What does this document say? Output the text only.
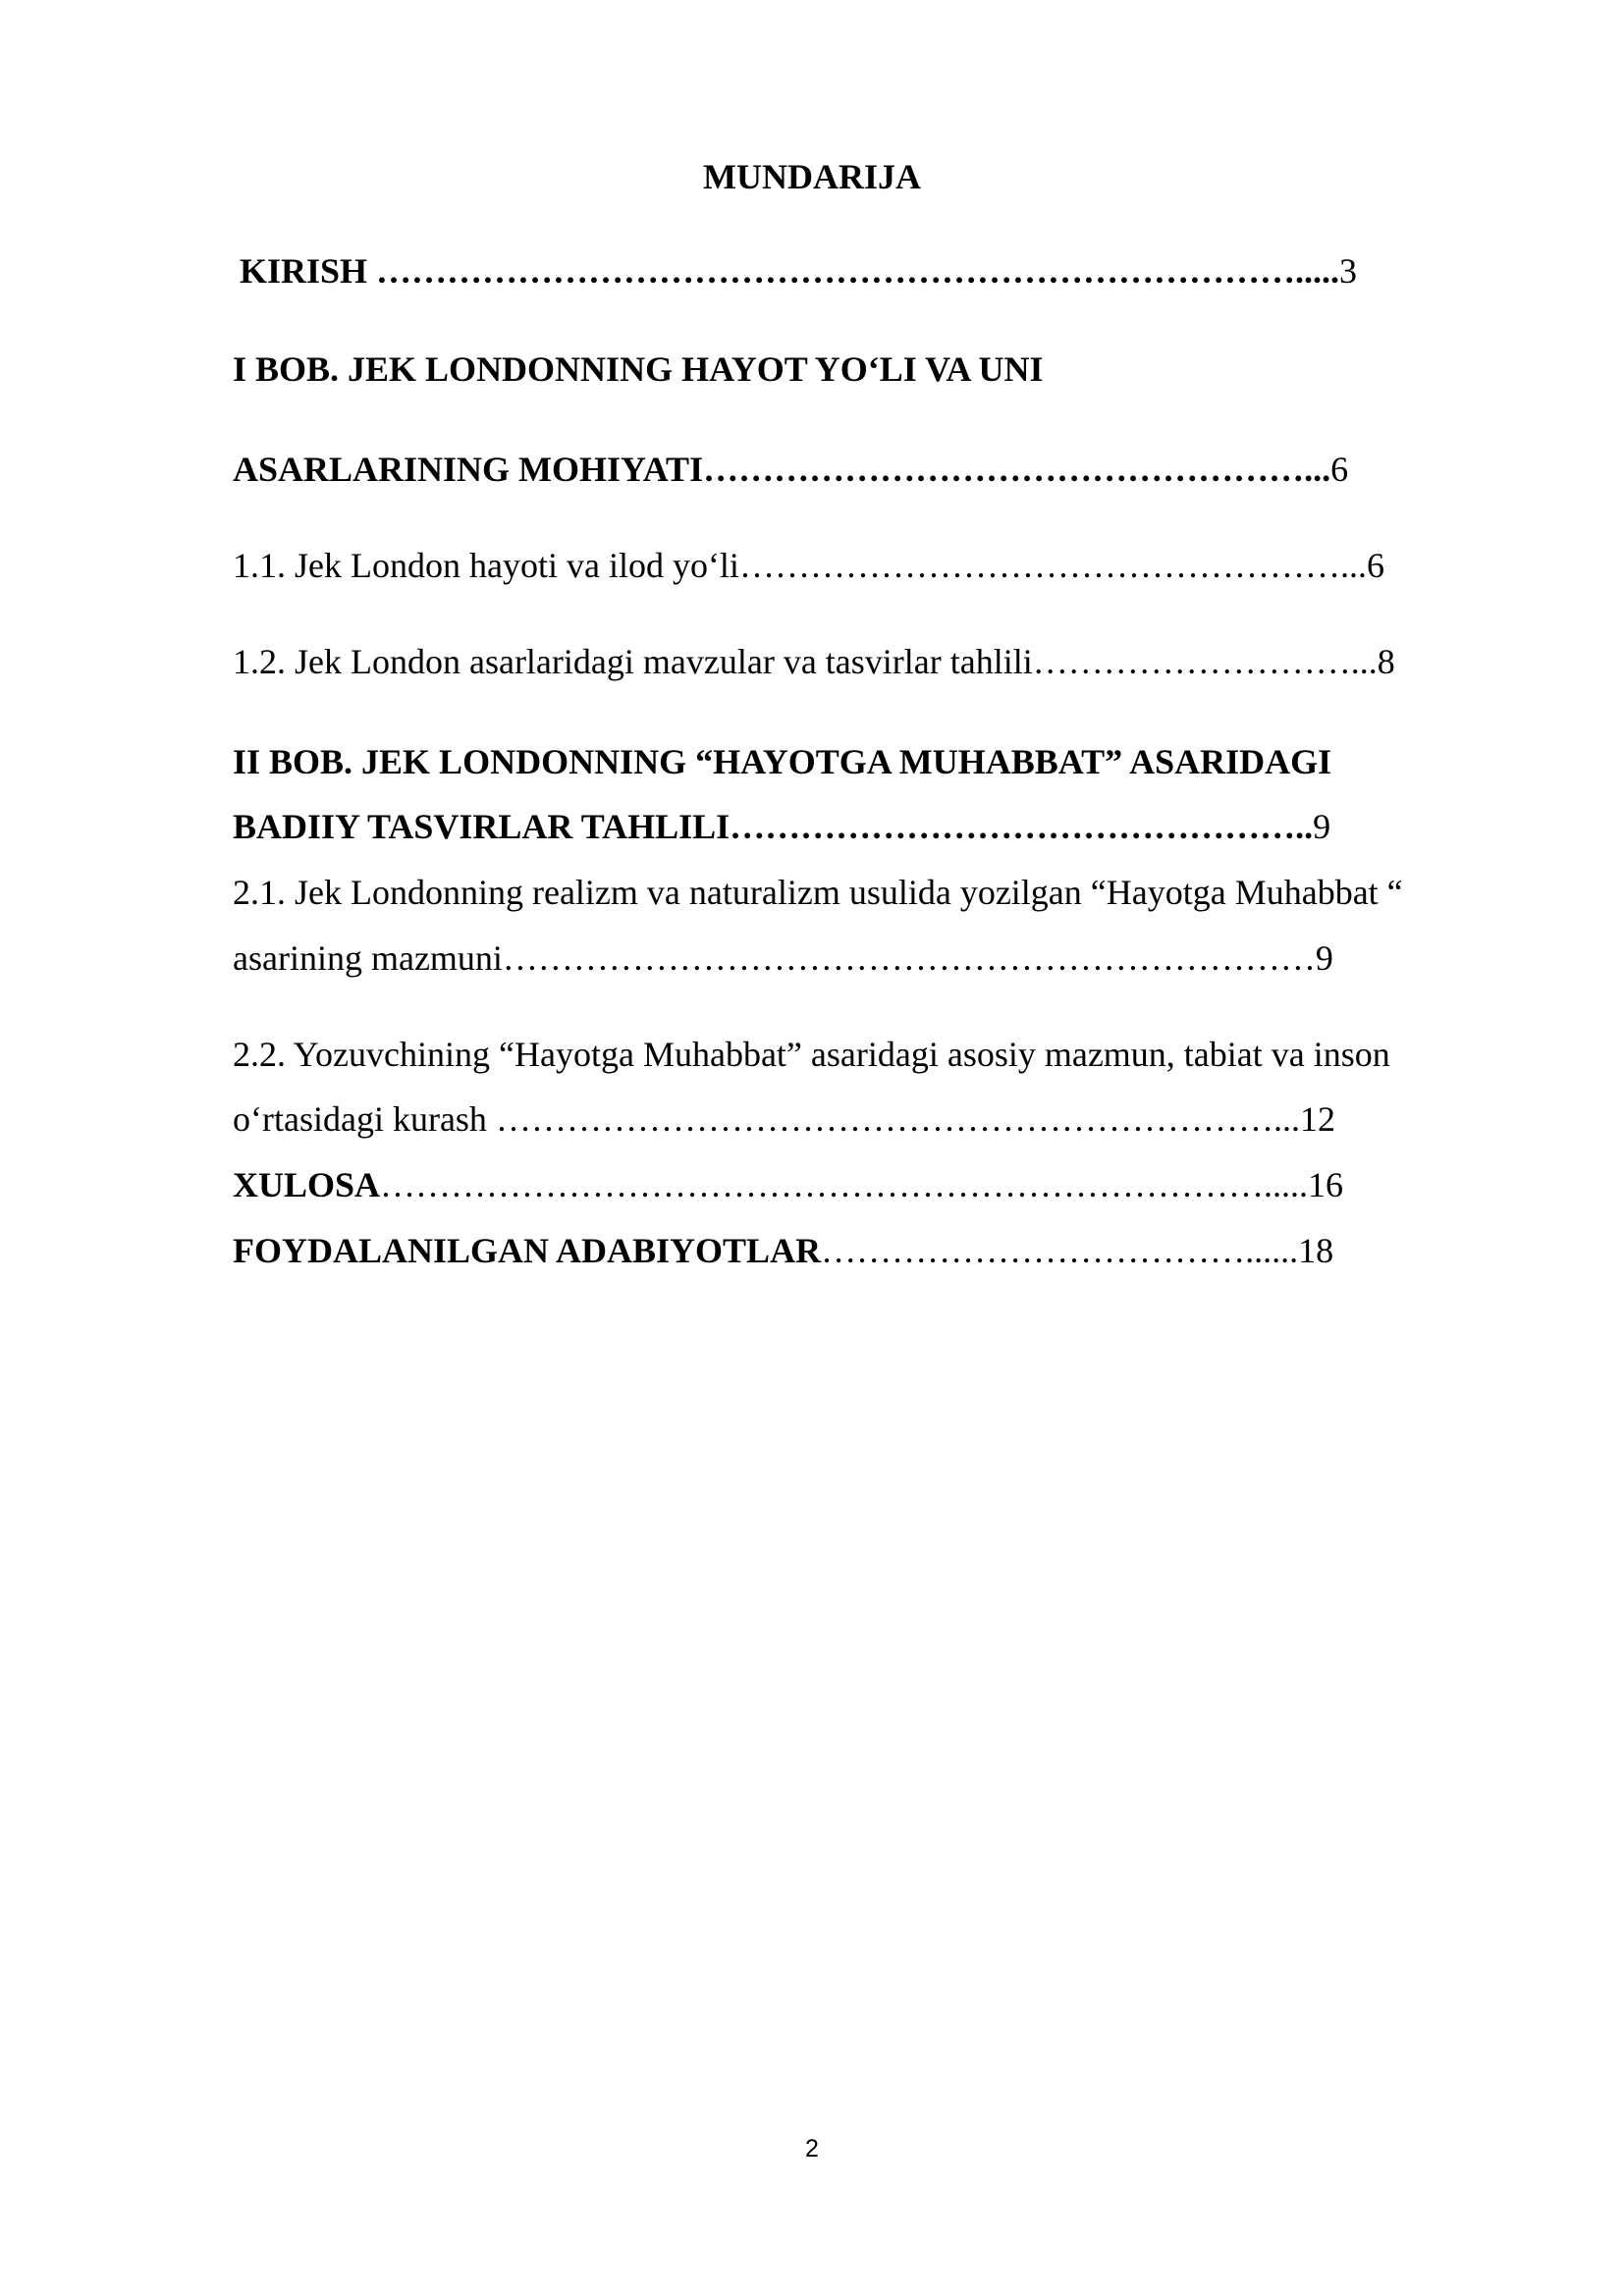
MUNDARIJA
KIRISH …………………………………………………………………….....3
I BOB. JEK LONDONNING HAYOT YO‘LI VA UNI
ASARLARINING MOHIYATI……………………………………………...6
1.1. Jek London hayoti va ilod yo‘li……………………………………………...6
1.2. Jek London asarlaridagi mavzular va tasvirlar tahlili………………………...8
II BOB. JEK LONDONNING “HAYOTGA MUHABBAT” ASARIDAGI
BADIIY TASVIRLAR TAHLILI…………………………………………..9
2.1. Jek Londonning realizm va naturalizm usulida yozilgan “Hayotga Muhabbat “
asarining mazmuni……………………………………………………………9
2.2. Yozuvchining “Hayotga Muhabbat” asaridagi asosiy mazmun, tabiat va inson
o‘rtasidagi kurash …………………………………………………………...12
XULOSA………………………………………………………………….....16
FOYDALANILGAN ADABIYOTLAR………………………………......18
2
